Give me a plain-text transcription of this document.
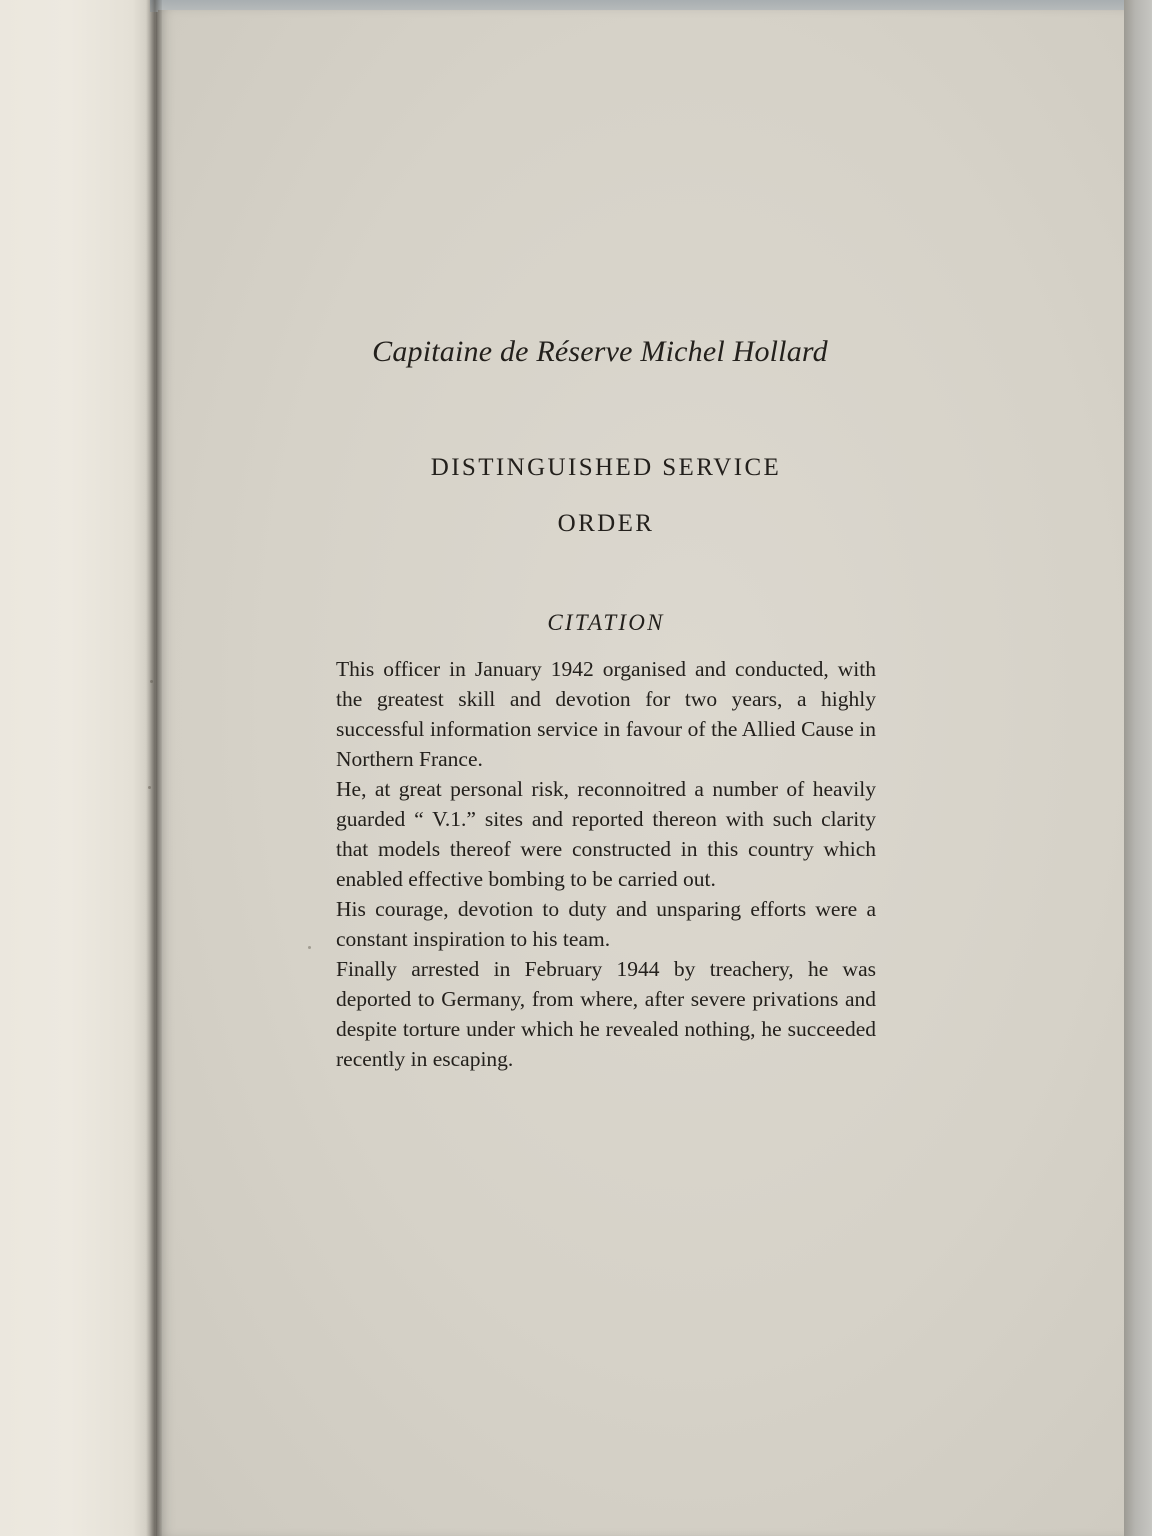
Capitaine de Réserve Michel Hollard
DISTINGUISHED SERVICE
ORDER
CITATION

This officer in January 1942 organised and conducted, with the greatest skill and devotion for two years, a highly successful information service in favour of the Allied Cause in Northern France.

He, at great personal risk, reconnoitred a number of heavily guarded “ V.1.” sites and reported thereon with such clarity that models thereof were constructed in this country which enabled effective bombing to be carried out.

His courage, devotion to duty and unsparing efforts were a constant inspiration to his team.

Finally arrested in February 1944 by treachery, he was deported to Germany, from where, after severe privations and despite torture under which he revealed nothing, he succeeded recently in escaping.
